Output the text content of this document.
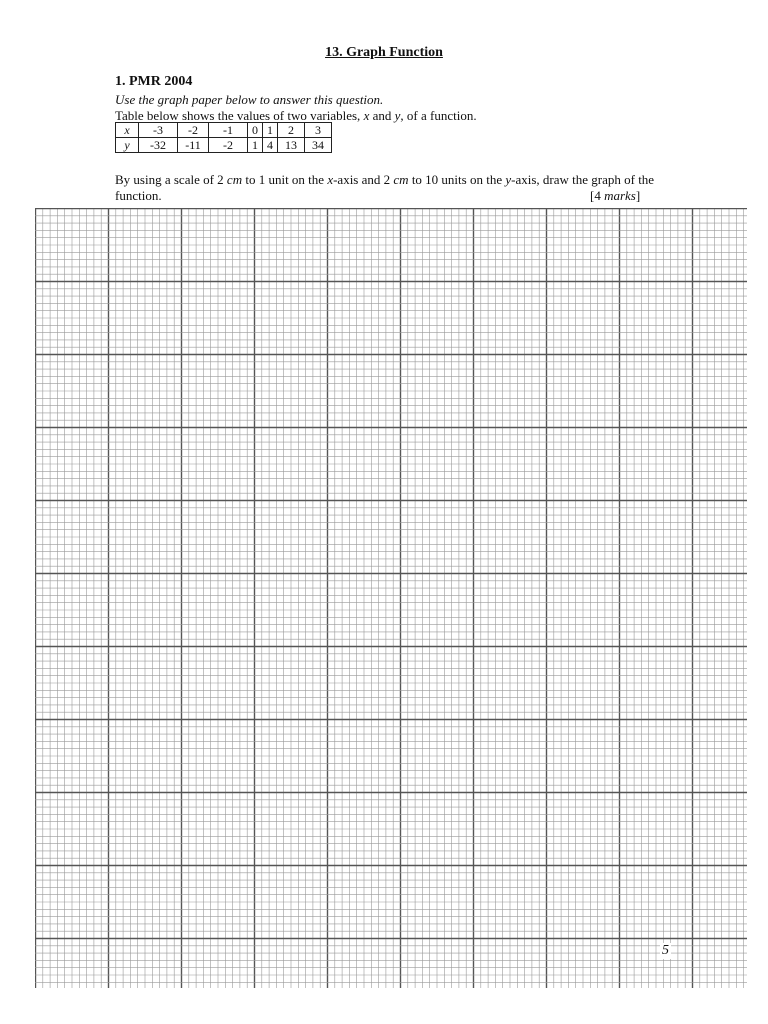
13. Graph Function
1. PMR 2004
Use the graph paper below to answer this question.
Table below shows the values of two variables, x and y, of a function.
x	-3	-2	-1	0	1	2	3
y	-32	-11	-2	1	4	13	34
By using a scale of 2 cm to 1 unit on the x-axis and 2 cm to 10 units on the y-axis, draw the graph of the function.	[4 marks]
5
